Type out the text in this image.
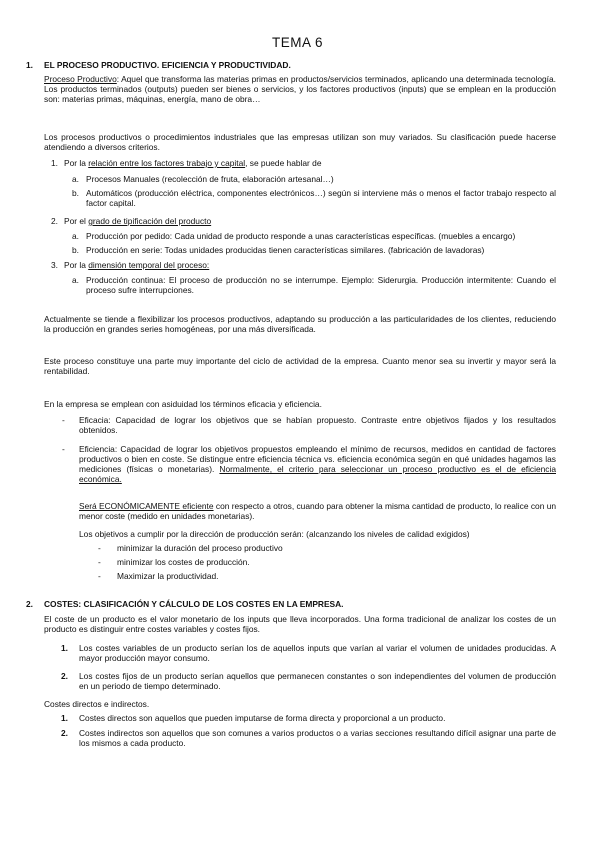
TEMA 6
1. EL PROCESO PRODUCTIVO. EFICIENCIA Y PRODUCTIVIDAD.
Proceso Productivo: Aquel que transforma las materias primas en productos/servicios terminados, aplicando una determinada tecnología. Los productos terminados (outputs) pueden ser bienes o servicios, y los factores productivos (inputs) que se emplean en la producción son: materias primas, máquinas, energía, mano de obra…
Los procesos productivos o procedimientos industriales que las empresas utilizan son muy variados. Su clasificación puede hacerse atendiendo a diversos criterios.
1. Por la relación entre los factores trabajo y capital, se puede hablar de
a. Procesos Manuales (recolección de fruta, elaboración artesanal…)
b. Automáticos (producción eléctrica, componentes electrónicos…) según si interviene más o menos el factor trabajo respecto al factor capital.
2. Por el grado de tipificación del producto
a. Producción por pedido: Cada unidad de producto responde a unas características específicas. (muebles a encargo)
b. Producción en serie: Todas unidades producidas tienen características similares. (fabricación de lavadoras)
3. Por la dimensión temporal del proceso:
a. Producción continua: El proceso de producción no se interrumpe. Ejemplo: Siderurgia. Producción intermitente: Cuando el proceso sufre interrupciones.
Actualmente se tiende a flexibilizar los procesos productivos, adaptando su producción a las particularidades de los clientes, reduciendo la producción en grandes series homogéneas, por una más diversificada.
Este proceso constituye una parte muy importante del ciclo de actividad de la empresa. Cuanto menor sea su invertir y mayor será la rentabilidad.
En la empresa se emplean con asiduidad los términos eficacia y eficiencia.
- Eficacia: Capacidad de lograr los objetivos que se habían propuesto. Contraste entre objetivos fijados y los resultados obtenidos.
- Eficiencia: Capacidad de lograr los objetivos propuestos empleando el mínimo de recursos, medidos en cantidad de factores productivos o bien en coste. Se distingue entre eficiencia técnica vs. eficiencia económica según en qué unidades hagamos las mediciones (físicas o monetarias). Normalmente, el criterio para seleccionar un proceso productivo es el de eficiencia económica.
Será ECONÓMICAMENTE eficiente con respecto a otros, cuando para obtener la misma cantidad de producto, lo realice con un menor coste (medido en unidades monetarias).
Los objetivos a cumplir por la dirección de producción serán: (alcanzando los niveles de calidad exigidos)
- minimizar la duración del proceso productivo
- minimizar los costes de producción.
- Maximizar la productividad.
2. COSTES: CLASIFICACIÓN Y CÁLCULO DE LOS COSTES EN LA EMPRESA.
El coste de un producto es el valor monetario de los inputs que lleva incorporados. Una forma tradicional de analizar los costes de un producto es distinguir entre costes variables y costes fijos.
1. Los costes variables de un producto serían los de aquellos inputs que varían al variar el volumen de unidades producidas. A mayor producción mayor consumo.
2. Los costes fijos de un producto serían aquellos que permanecen constantes o son independientes del volumen de producción en un periodo de tiempo determinado.
Costes directos e indirectos.
1. Costes directos son aquellos que pueden imputarse de forma directa y proporcional a un producto.
2. Costes indirectos son aquellos que son comunes a varios productos o a varias secciones resultando difícil asignar una parte de los mismos a cada producto.
